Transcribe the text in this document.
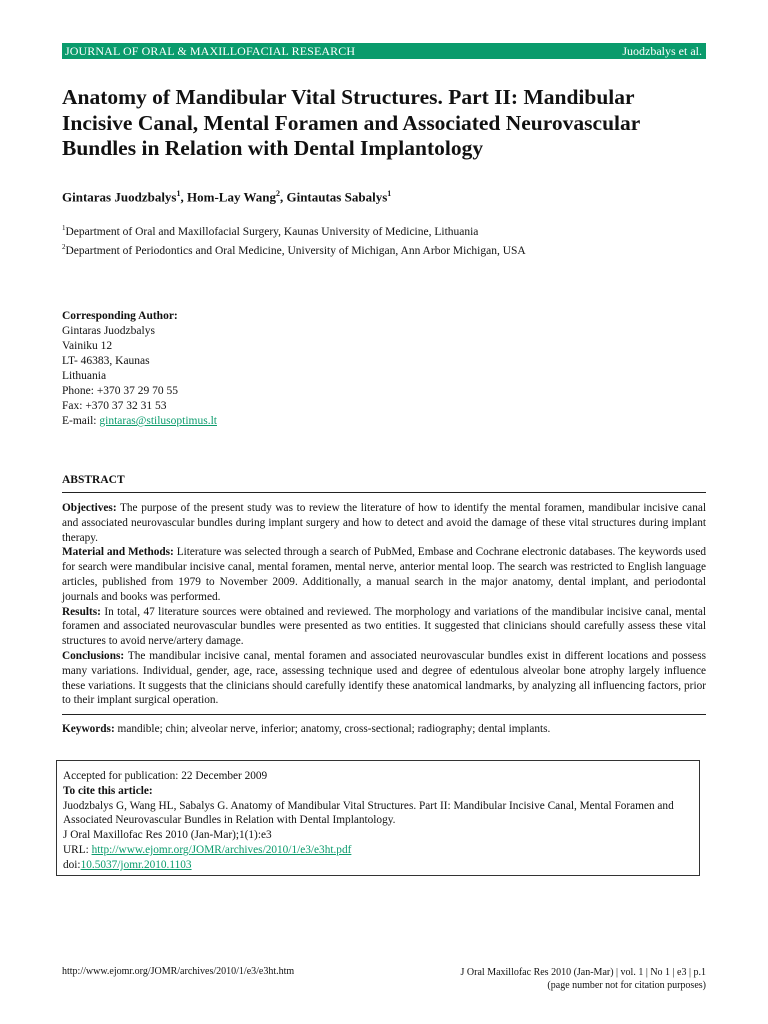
JOURNAL OF ORAL & MAXILLOFACIAL RESEARCH	Juodzbalys et al.
Anatomy of Mandibular Vital Structures. Part II: Mandibular Incisive Canal, Mental Foramen and Associated Neurovascular Bundles in Relation with Dental Implantology
Gintaras Juodzbalys$^1$, Hom-Lay Wang$^2$, Gintautas Sabalys$^1$
$^1$Department of Oral and Maxillofacial Surgery, Kaunas University of Medicine, Lithuania
$^2$Department of Periodontics and Oral Medicine, University of Michigan, Ann Arbor Michigan, USA
Corresponding Author:
Gintaras Juodzbalys
Vainiku 12
LT- 46383, Kaunas
Lithuania
Phone: +370 37 29 70 55
Fax: +370 37 32 31 53
E-mail: gintaras@stilusoptimus.lt
ABSTRACT

Objectives: The purpose of the present study was to review the literature of how to identify the mental foramen, mandibular incisive canal and associated neurovascular bundles during implant surgery and how to detect and avoid the damage of these vital structures during implant therapy.

Material and Methods: Literature was selected through a search of PubMed, Embase and Cochrane electronic databases. The keywords used for search were mandibular incisive canal, mental foramen, mental nerve, anterior mental loop. The search was restricted to English language articles, published from 1979 to November 2009. Additionally, a manual search in the major anatomy, dental implant, and periodontal journals and books was performed.

Results: In total, 47 literature sources were obtained and reviewed. The morphology and variations of the mandibular incisive canal, mental foramen and associated neurovascular bundles were presented as two entities. It suggested that clinicians should carefully assess these vital structures to avoid nerve/artery damage.

Conclusions: The mandibular incisive canal, mental foramen and associated neurovascular bundles exist in different locations and possess many variations. Individual, gender, age, race, assessing technique used and degree of edentulous alveolar bone atrophy largely influence these variations. It suggests that the clinicians should carefully identify these anatomical landmarks, by analyzing all influencing factors, prior to their implant surgical operation.

Keywords: mandible; chin; alveolar nerve, inferior; anatomy, cross-sectional; radiography; dental implants.
Accepted for publication: 22 December 2009
To cite this article:
Juodzbalys G, Wang HL, Sabalys G. Anatomy of Mandibular Vital Structures. Part II: Mandibular Incisive Canal, Mental Foramen and Associated Neurovascular Bundles in Relation with Dental Implantology.
J Oral Maxillofac Res 2010 (Jan-Mar);1(1):e3
URL: http://www.ejomr.org/JOMR/archives/2010/1/e3/e3ht.pdf
doi:10.5037/jomr.2010.1103
http://www.ejomr.org/JOMR/archives/2010/1/e3/e3ht.htm	J Oral Maxillofac Res 2010 (Jan-Mar) | vol. 1 | No 1 | e3 | p.1
(page number not for citation purposes)
